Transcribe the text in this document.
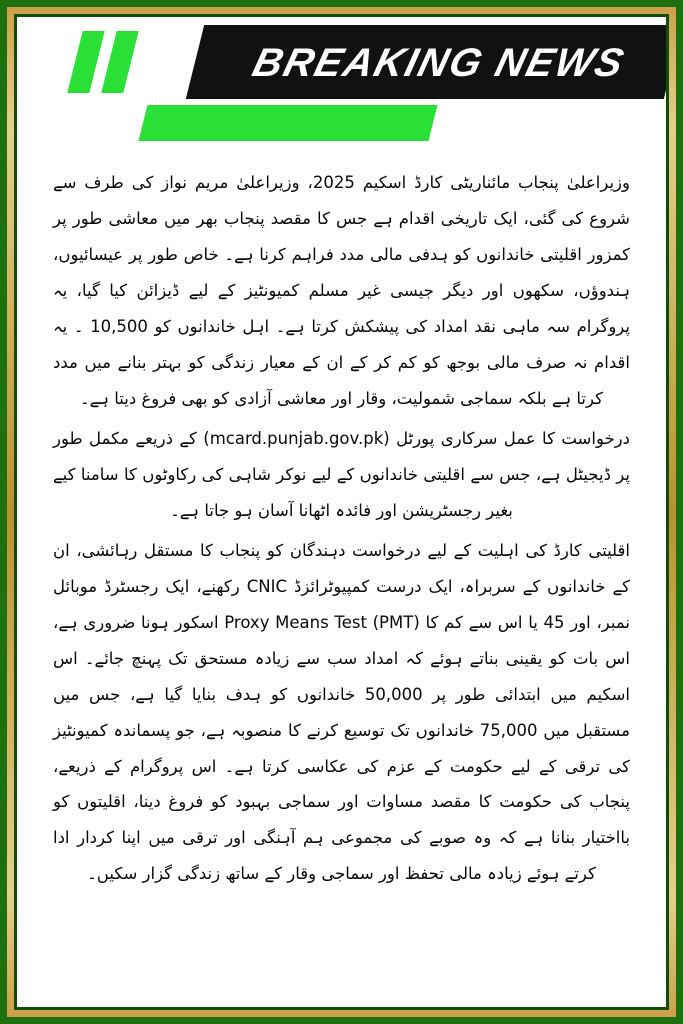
BREAKING NEWS

وزیراعلیٰ پنجاب مائناریٹی کارڈ اسکیم 2025، وزیراعلیٰ مریم نواز کی طرف سے شروع کی گئی، ایک تاریخی اقدام ہے جس کا مقصد پنجاب بھر میں معاشی طور پر کمزور اقلیتی خاندانوں کو ہدفی مالی مدد فراہم کرنا ہے۔ خاص طور پر عیسائیوں، ہندوؤں، سکھوں اور دیگر جیسی غیر مسلم کمیونٹیز کے لیے ڈیزائن کیا گیا، یہ پروگرام سہ ماہی نقد امداد کی پیشکش کرتا ہے۔ اہل خاندانوں کو 10,500 ۔ یہ اقدام نہ صرف مالی بوجھ کو کم کر کے ان کے معیار زندگی کو بہتر بنانے میں مدد کرتا ہے بلکہ سماجی شمولیت، وقار اور معاشی آزادی کو بھی فروغ دیتا ہے۔

درخواست کا عمل سرکاری پورٹل (mcard.punjab.gov.pk) کے ذریعے مکمل طور پر ڈیجیٹل ہے، جس سے اقلیتی خاندانوں کے لیے نوکر شاہی کی رکاوٹوں کا سامنا کیے بغیر رجسٹریشن اور فائدہ اٹھانا آسان ہو جاتا ہے۔

اقلیتی کارڈ کی اہلیت کے لیے درخواست دہندگان کو پنجاب کا مستقل رہائشی، ان کے خاندانوں کے سربراہ، ایک درست کمپیوٹرائزڈ CNIC رکھنے، ایک رجسٹرڈ موبائل نمبر، اور 45 یا اس سے کم کا Proxy Means Test (PMT) اسکور ہونا ضروری ہے، اس بات کو یقینی بناتے ہوئے کہ امداد سب سے زیادہ مستحق تک پہنچ جائے۔ اس اسکیم میں ابتدائی طور پر 50,000 خاندانوں کو ہدف بنایا گیا ہے، جس میں مستقبل میں 75,000 خاندانوں تک توسیع کرنے کا منصوبہ ہے، جو پسماندہ کمیونٹیز کی ترقی کے لیے حکومت کے عزم کی عکاسی کرتا ہے۔ اس پروگرام کے ذریعے، پنجاب کی حکومت کا مقصد مساوات اور سماجی بہبود کو فروغ دینا، اقلیتوں کو بااختیار بنانا ہے کہ وہ صوبے کی مجموعی ہم آہنگی اور ترقی میں اپنا کردار ادا کرتے ہوئے زیادہ مالی تحفظ اور سماجی وقار کے ساتھ زندگی گزار سکیں۔
